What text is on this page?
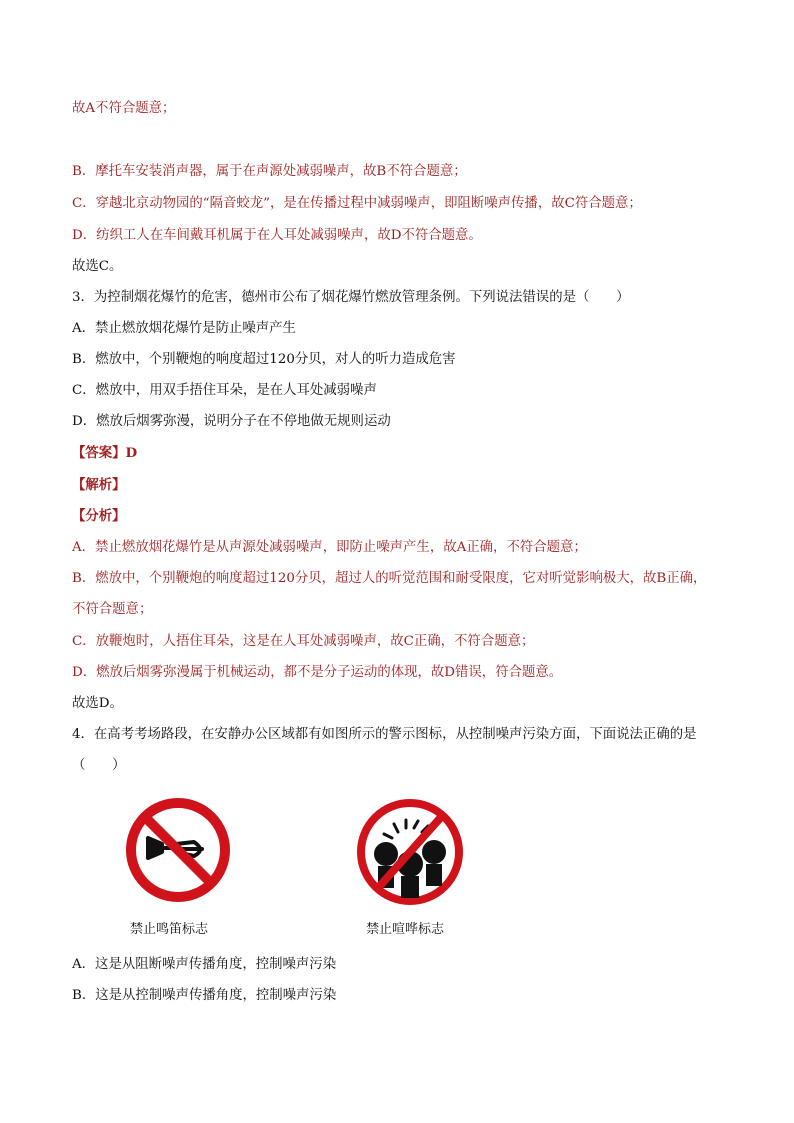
故A不符合题意；
B．摩托车安装消声器，属于在声源处减弱噪声，故B不符合题意；
C．穿越北京动物园的“隔音蛟龙”，是在传播过程中减弱噪声，即阻断噪声传播，故C符合题意；
D．纺织工人在车间戴耳机属于在人耳处减弱噪声，故D不符合题意。
故选C。
3．为控制烟花爆竹的危害，德州市公布了烟花爆竹燃放管理条例。下列说法错误的是（　　）
A．禁止燃放烟花爆竹是防止噪声产生
B．燃放中，个别鞭炮的响度超过120分贝，对人的听力造成危害
C．燃放中，用双手捂住耳朵，是在人耳处减弱噪声
D．燃放后烟雾弥漫，说明分子在不停地做无规则运动
【答案】D
【解析】
【分析】
A．禁止燃放烟花爆竹是从声源处减弱噪声，即防止噪声产生，故A正确，不符合题意；
B．燃放中，个别鞭炮的响度超过120分贝，超过人的听觉范围和耐受限度，它对听觉影响极大，故B正确，
不符合题意；
C．放鞭炮时，人捂住耳朵，这是在人耳处减弱噪声，故C正确，不符合题意；
D．燃放后烟雾弥漫属于机械运动，都不是分子运动的体现，故D错误，符合题意。
故选D。
4．在高考考场路段，在安静办公区域都有如图所示的警示图标，从控制噪声污染方面，下面说法正确的是
（　　）
A．这是从阻断噪声传播角度，控制噪声污染
B．这是从控制噪声传播角度，控制噪声污染
禁止鸣笛标志	禁止喧哗标志
